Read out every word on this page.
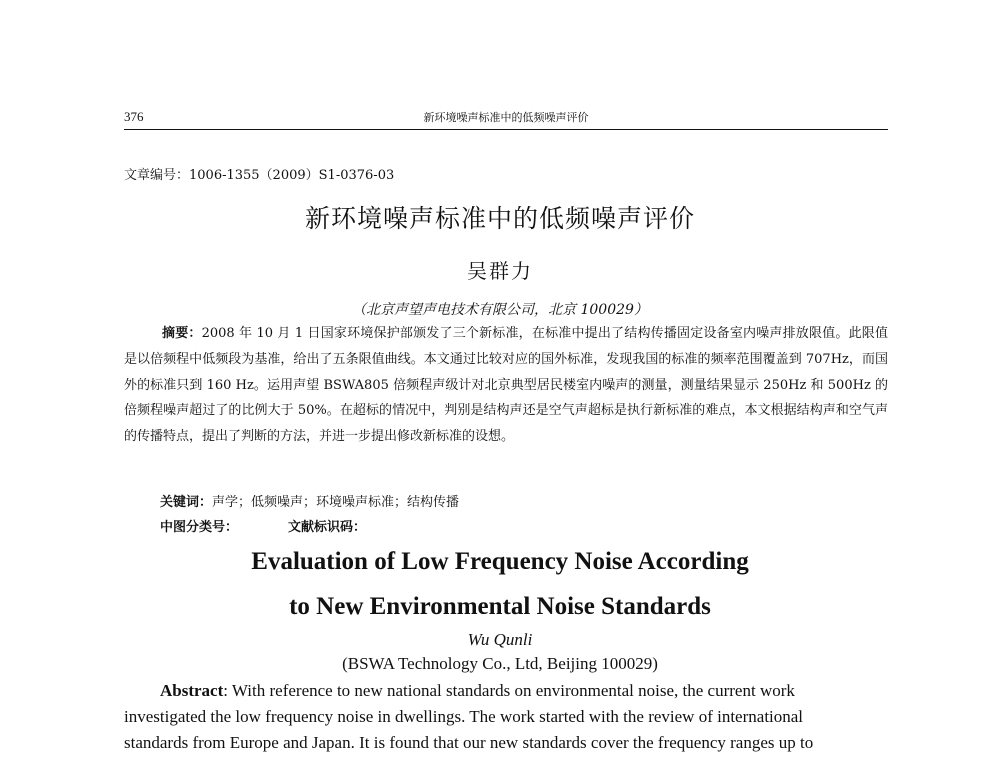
376	新环境噪声标准中的低频噪声评价
文章编号：1006-1355（2009）S1-0376-03
新环境噪声标准中的低频噪声评价
吴群力
（北京声望声电技术有限公司，北京 100029）
摘要：2008 年 10 月 1 日国家环境保护部颁发了三个新标准，在标准中提出了结构传播固定设备室内噪声排放限值。此限值是以倍频程中低频段为基准，给出了五条限值曲线。本文通过比较对应的国外标准，发现我国的标准的频率范围覆盖到 707Hz，而国外的标准只到 160 Hz。运用声望 BSWA805 倍频程声级计对北京典型居民楼室内噪声的测量，测量结果显示 250Hz 和 500Hz 的倍频程噪声超过了的比例大于 50%。在超标的情况中，判别是结构声还是空气声超标是执行新标准的难点，本文根据结构声和空气声的传播特点，提出了判断的方法，并进一步提出修改新标准的设想。
关键词：声学；低频噪声；环境噪声标准；结构传播
中图分类号：	文献标识码：
Evaluation of Low Frequency Noise According
to New Environmental Noise Standards
Wu Qunli
(BSWA Technology Co., Ltd, Beijing 100029)
Abstract: With reference to new national standards on environmental noise, the current work
investigated the low frequency noise in dwellings. The work started with the review of international
standards from Europe and Japan. It is found that our new standards cover the frequency ranges up to
